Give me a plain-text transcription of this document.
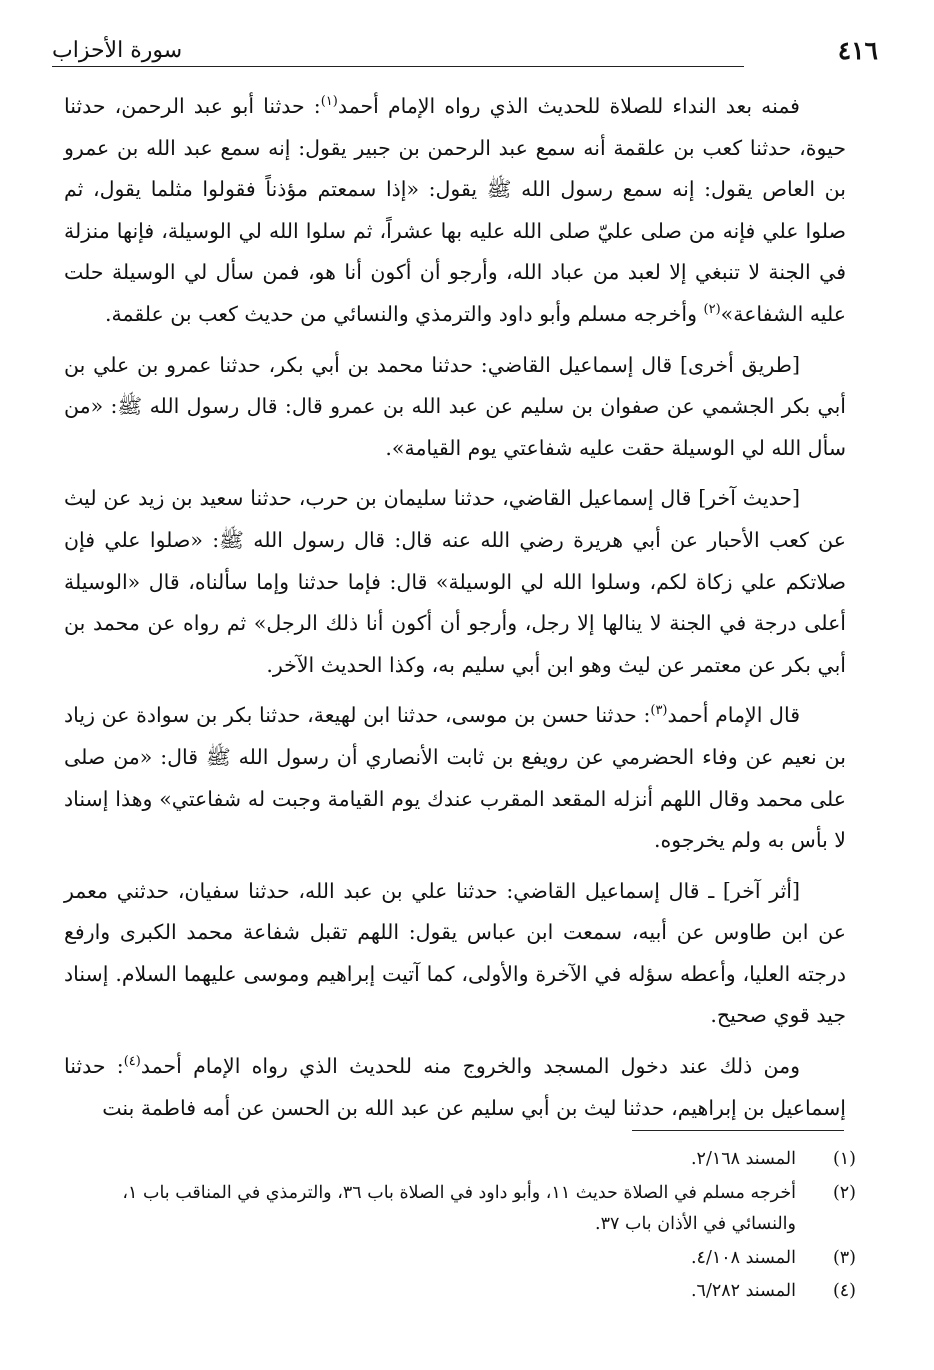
٤١٦
سورة الأحزاب

فمنه بعد النداء للصلاة للحديث الذي رواه الإمام أحمد$^{(١)}$: حدثنا أبو عبد الرحمن، حدثنا حيوة، حدثنا كعب بن علقمة أنه سمع عبد الرحمن بن جبير يقول: إنه سمع عبد الله بن عمرو بن العاص يقول: إنه سمع رسول الله ﷺ يقول: «إذا سمعتم مؤذناً فقولوا مثلما يقول، ثم صلوا علي فإنه من صلى عليّ صلى الله عليه بها عشراً، ثم سلوا الله لي الوسيلة، فإنها منزلة في الجنة لا تنبغي إلا لعبد من عباد الله، وأرجو أن أكون أنا هو، فمن سأل لي الوسيلة حلت عليه الشفاعة»$^{(٢)}$ وأخرجه مسلم وأبو داود والترمذي والنسائي من حديث كعب بن علقمة.

[طريق أخرى] قال إسماعيل القاضي: حدثنا محمد بن أبي بكر، حدثنا عمرو بن علي بن أبي بكر الجشمي عن صفوان بن سليم عن عبد الله بن عمرو قال: قال رسول الله ﷺ: «من سأل الله لي الوسيلة حقت عليه شفاعتي يوم القيامة».

[حديث آخر] قال إسماعيل القاضي، حدثنا سليمان بن حرب، حدثنا سعيد بن زيد عن ليث عن كعب الأحبار عن أبي هريرة رضي الله عنه قال: قال رسول الله ﷺ: «صلوا علي فإن صلاتكم علي زكاة لكم، وسلوا الله لي الوسيلة» قال: فإما حدثنا وإما سألناه، قال «الوسيلة أعلى درجة في الجنة لا ينالها إلا رجل، وأرجو أن أكون أنا ذلك الرجل» ثم رواه عن محمد بن أبي بكر عن معتمر عن ليث وهو ابن أبي سليم به، وكذا الحديث الآخر.

قال الإمام أحمد$^{(٣)}$: حدثنا حسن بن موسى، حدثنا ابن لهيعة، حدثنا بكر بن سوادة عن زياد بن نعيم عن وفاء الحضرمي عن رويفع بن ثابت الأنصاري أن رسول الله ﷺ قال: «من صلى على محمد وقال اللهم أنزله المقعد المقرب عندك يوم القيامة وجبت له شفاعتي» وهذا إسناد لا بأس به ولم يخرجوه.

[أثر آخر] ـ قال إسماعيل القاضي: حدثنا علي بن عبد الله، حدثنا سفيان، حدثني معمر عن ابن طاوس عن أبيه، سمعت ابن عباس يقول: اللهم تقبل شفاعة محمد الكبرى وارفع درجته العليا، وأعطه سؤله في الآخرة والأولى، كما آتيت إبراهيم وموسى عليهما السلام. إسناد جيد قوي صحيح.

ومن ذلك عند دخول المسجد والخروج منه للحديث الذي رواه الإمام أحمد$^{(٤)}$: حدثنا إسماعيل بن إبراهيم، حدثنا ليث بن أبي سليم عن عبد الله بن الحسن عن أمه فاطمة بنت

(١)
المسند ٢/١٦٨.
(٢)
أخرجه مسلم في الصلاة حديث ١١، وأبو داود في الصلاة باب ٣٦، والترمذي في المناقب باب ١، والنسائي في الأذان باب ٣٧.
(٣)
المسند ٤/١٠٨.
(٤)
المسند ٦/٢٨٢.
